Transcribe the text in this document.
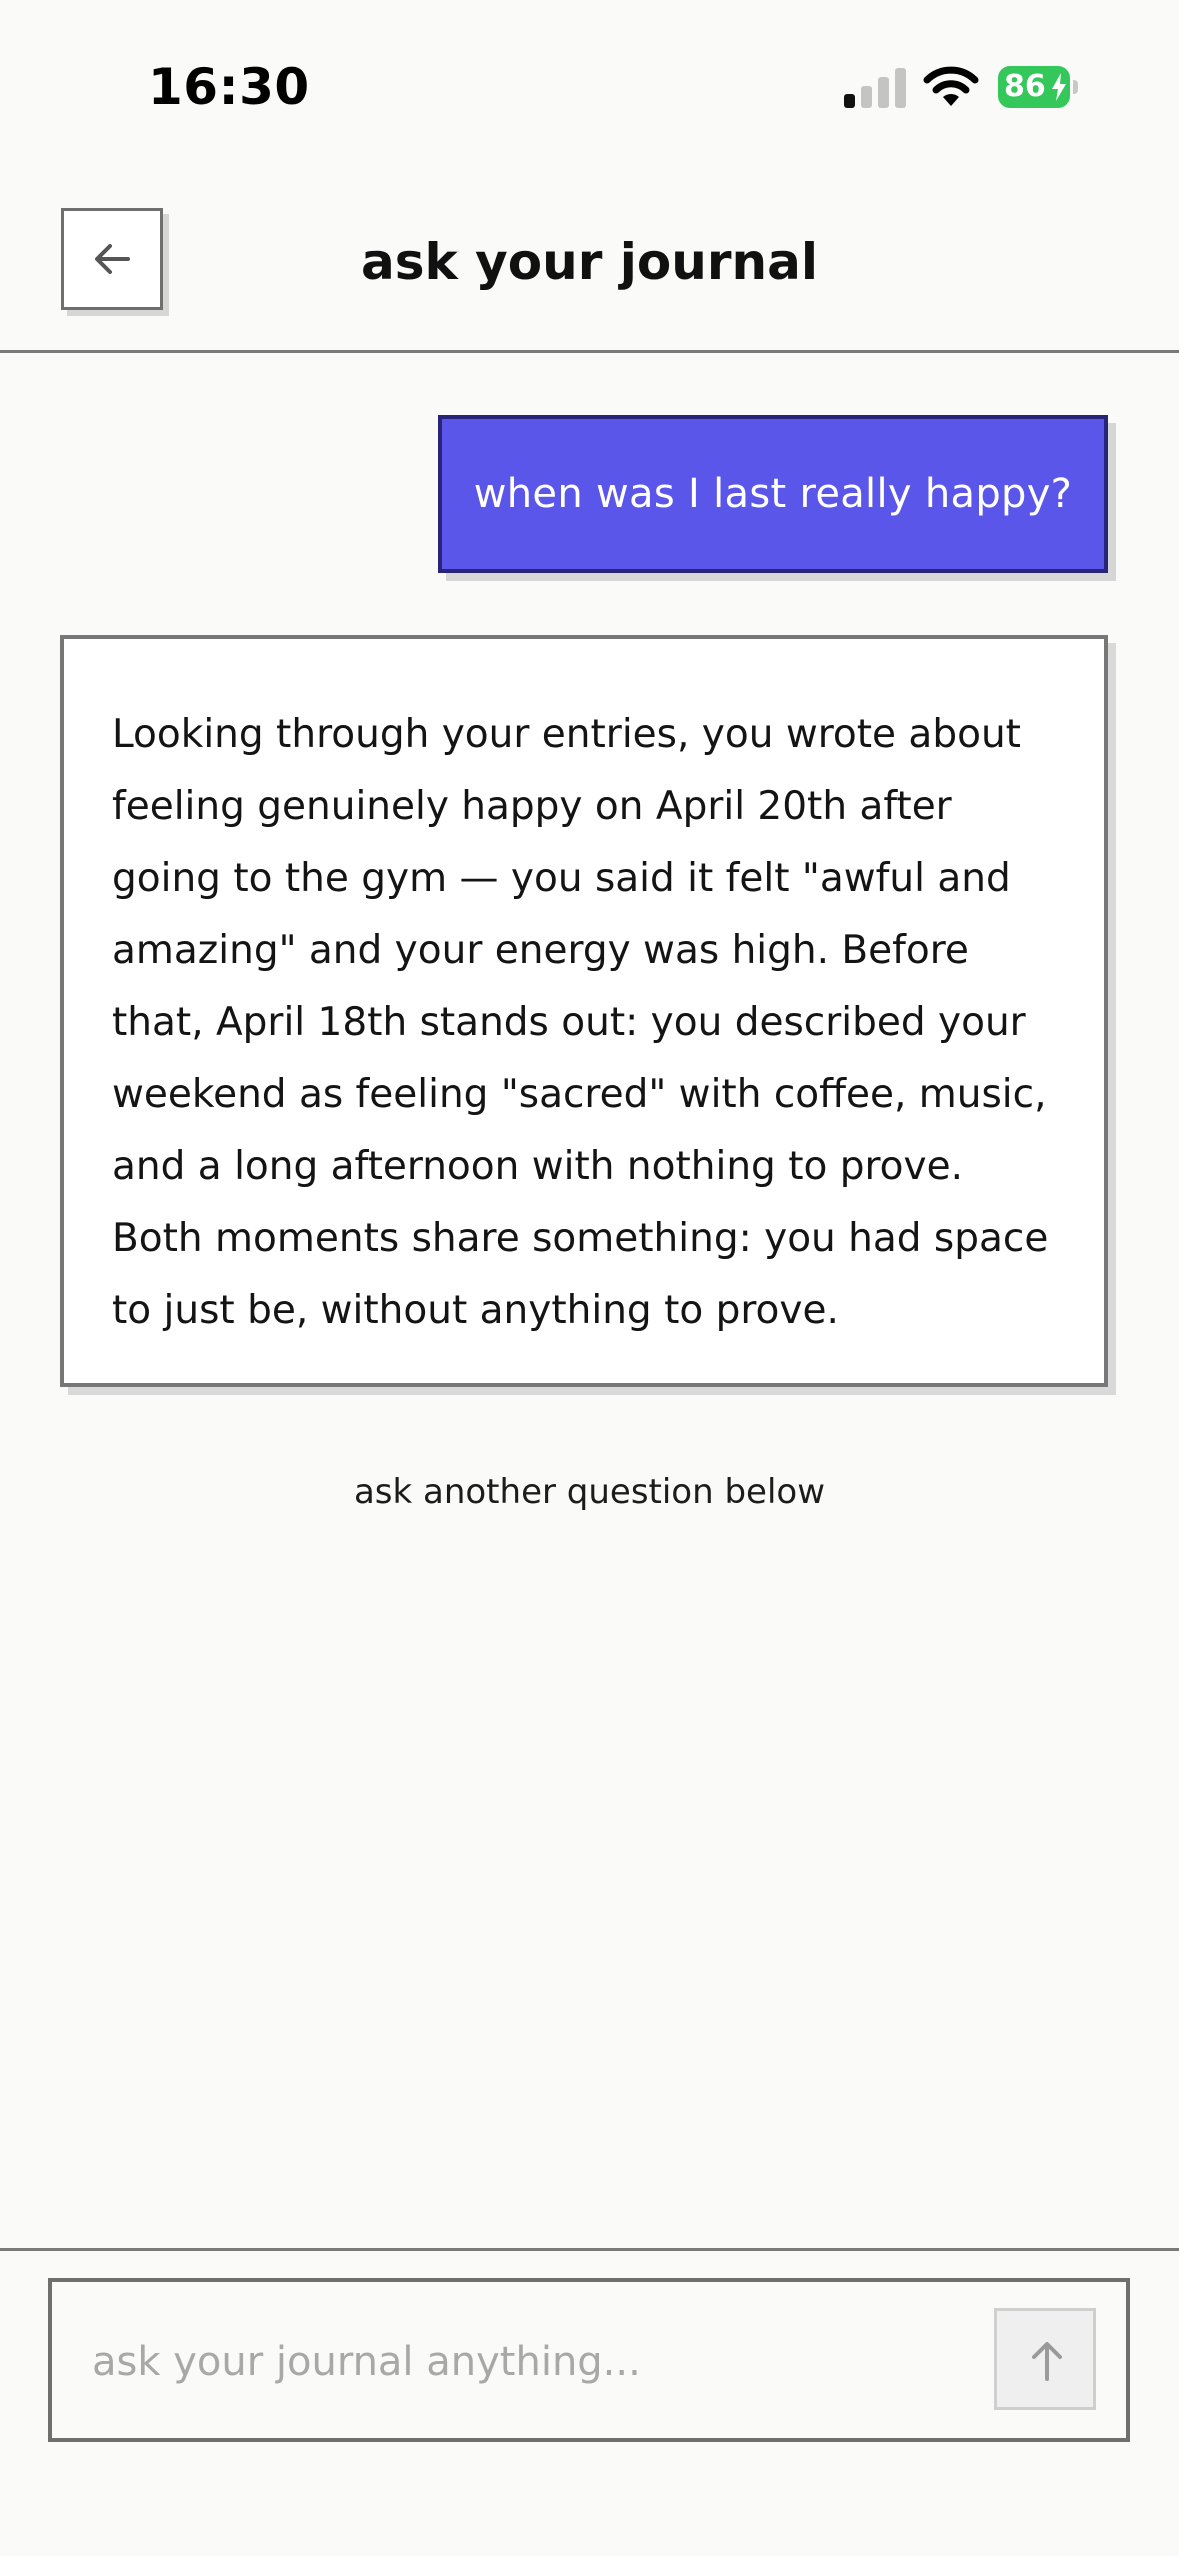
16:30	86
ask your journal
when was I last really happy?

Looking through your entries, you wrote about feeling genuinely happy on April 20th after going to the gym — you said it felt "awful and amazing" and your energy was high. Before that, April 18th stands out: you described your weekend as feeling "sacred" with coffee, music, and a long afternoon with nothing to prove. Both moments share something: you had space to just be, without anything to prove.

ask another question below
ask your journal anything...
